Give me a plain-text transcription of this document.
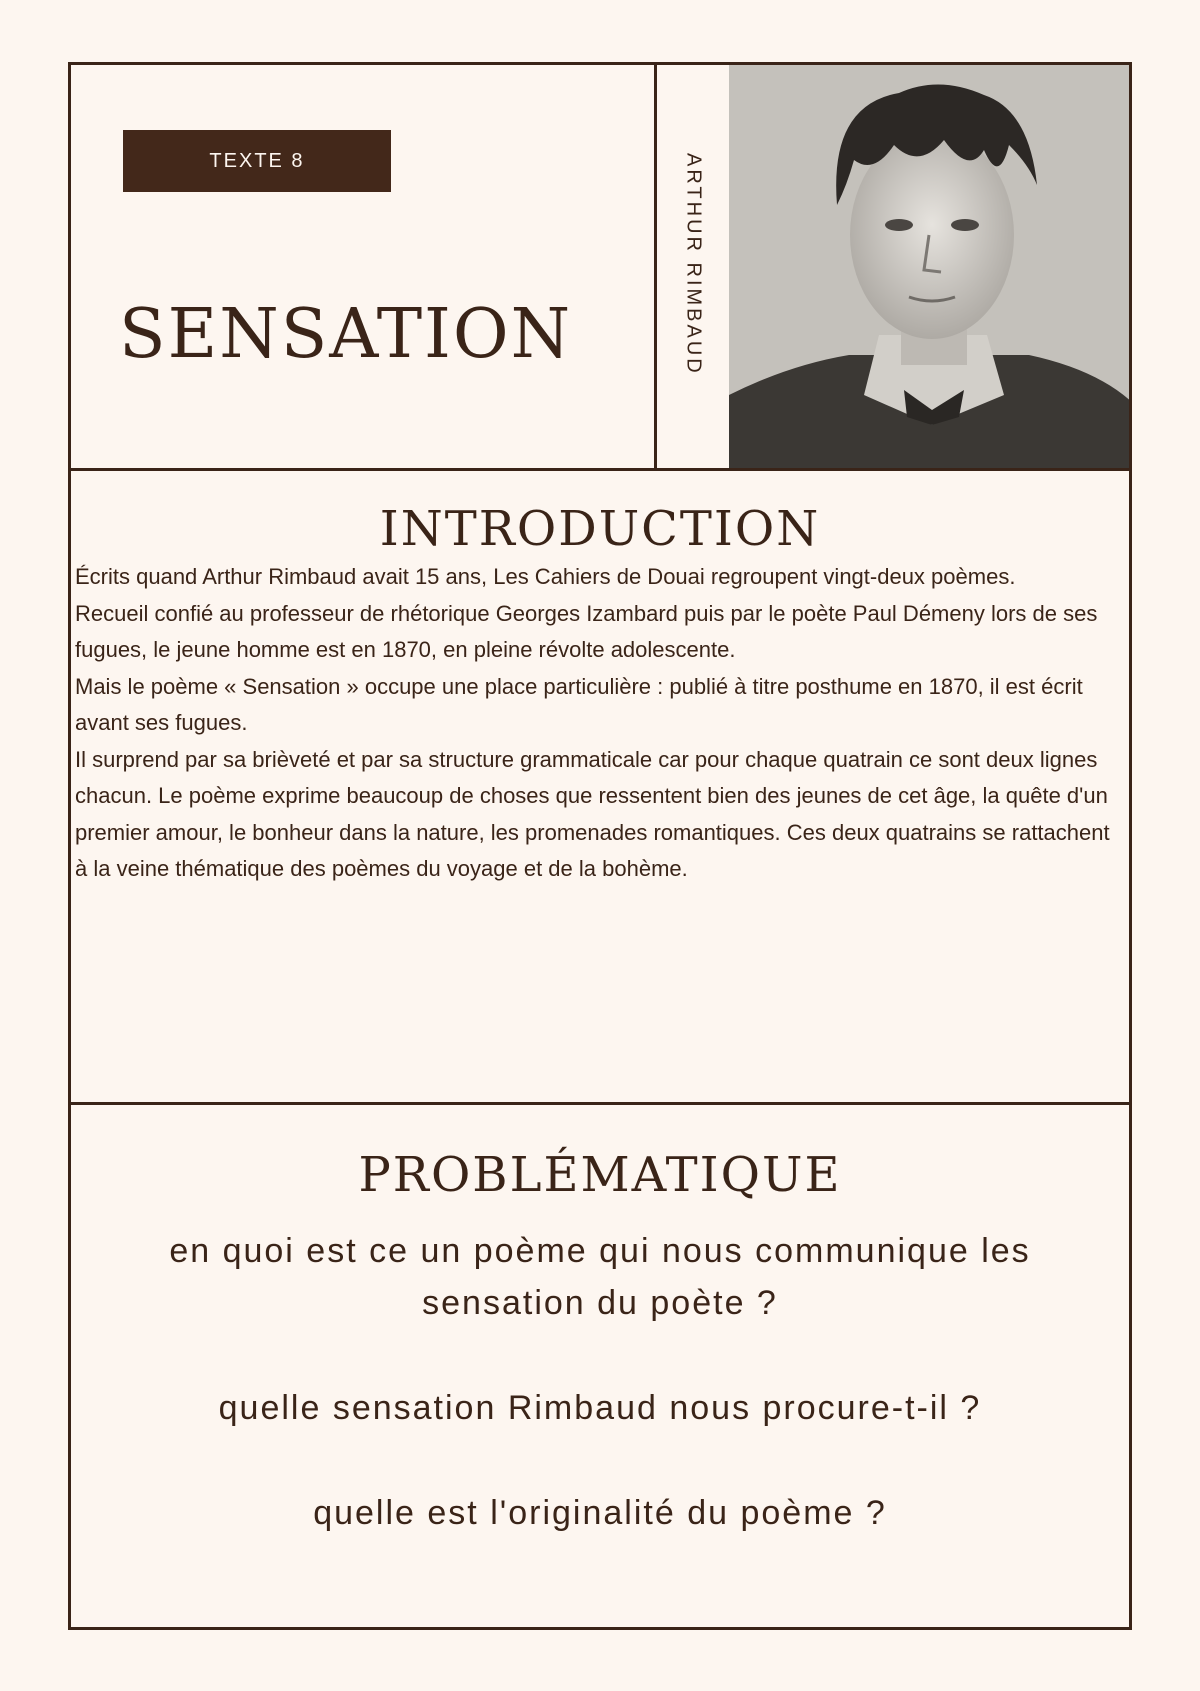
TEXTE 8
SENSATION	ARTHUR RIMBAUD
INTRODUCTION

Écrits quand Arthur Rimbaud avait 15 ans, Les Cahiers de Douai regroupent vingt-deux poèmes.

Recueil confié au professeur de rhétorique Georges Izambard puis par le poète Paul Démeny lors de ses fugues, le jeune homme est en 1870, en pleine révolte adolescente.

Mais le poème « Sensation » occupe une place particulière : publié à titre posthume en 1870, il est écrit avant ses fugues.

Il surprend par sa brièveté et par sa structure grammaticale car pour chaque quatrain ce sont deux lignes chacun. Le poème exprime beaucoup de choses que ressentent bien des jeunes de cet âge, la quête d'un premier amour, le bonheur dans la nature, les promenades romantiques. Ces deux quatrains se rattachent à la veine thématique des poèmes du voyage et de la bohème.

PROBLÉMATIQUE

en quoi est ce un poème qui nous communique les sensation du poète ?

quelle sensation Rimbaud nous procure-t-il ?

quelle est l'originalité du poème ?
